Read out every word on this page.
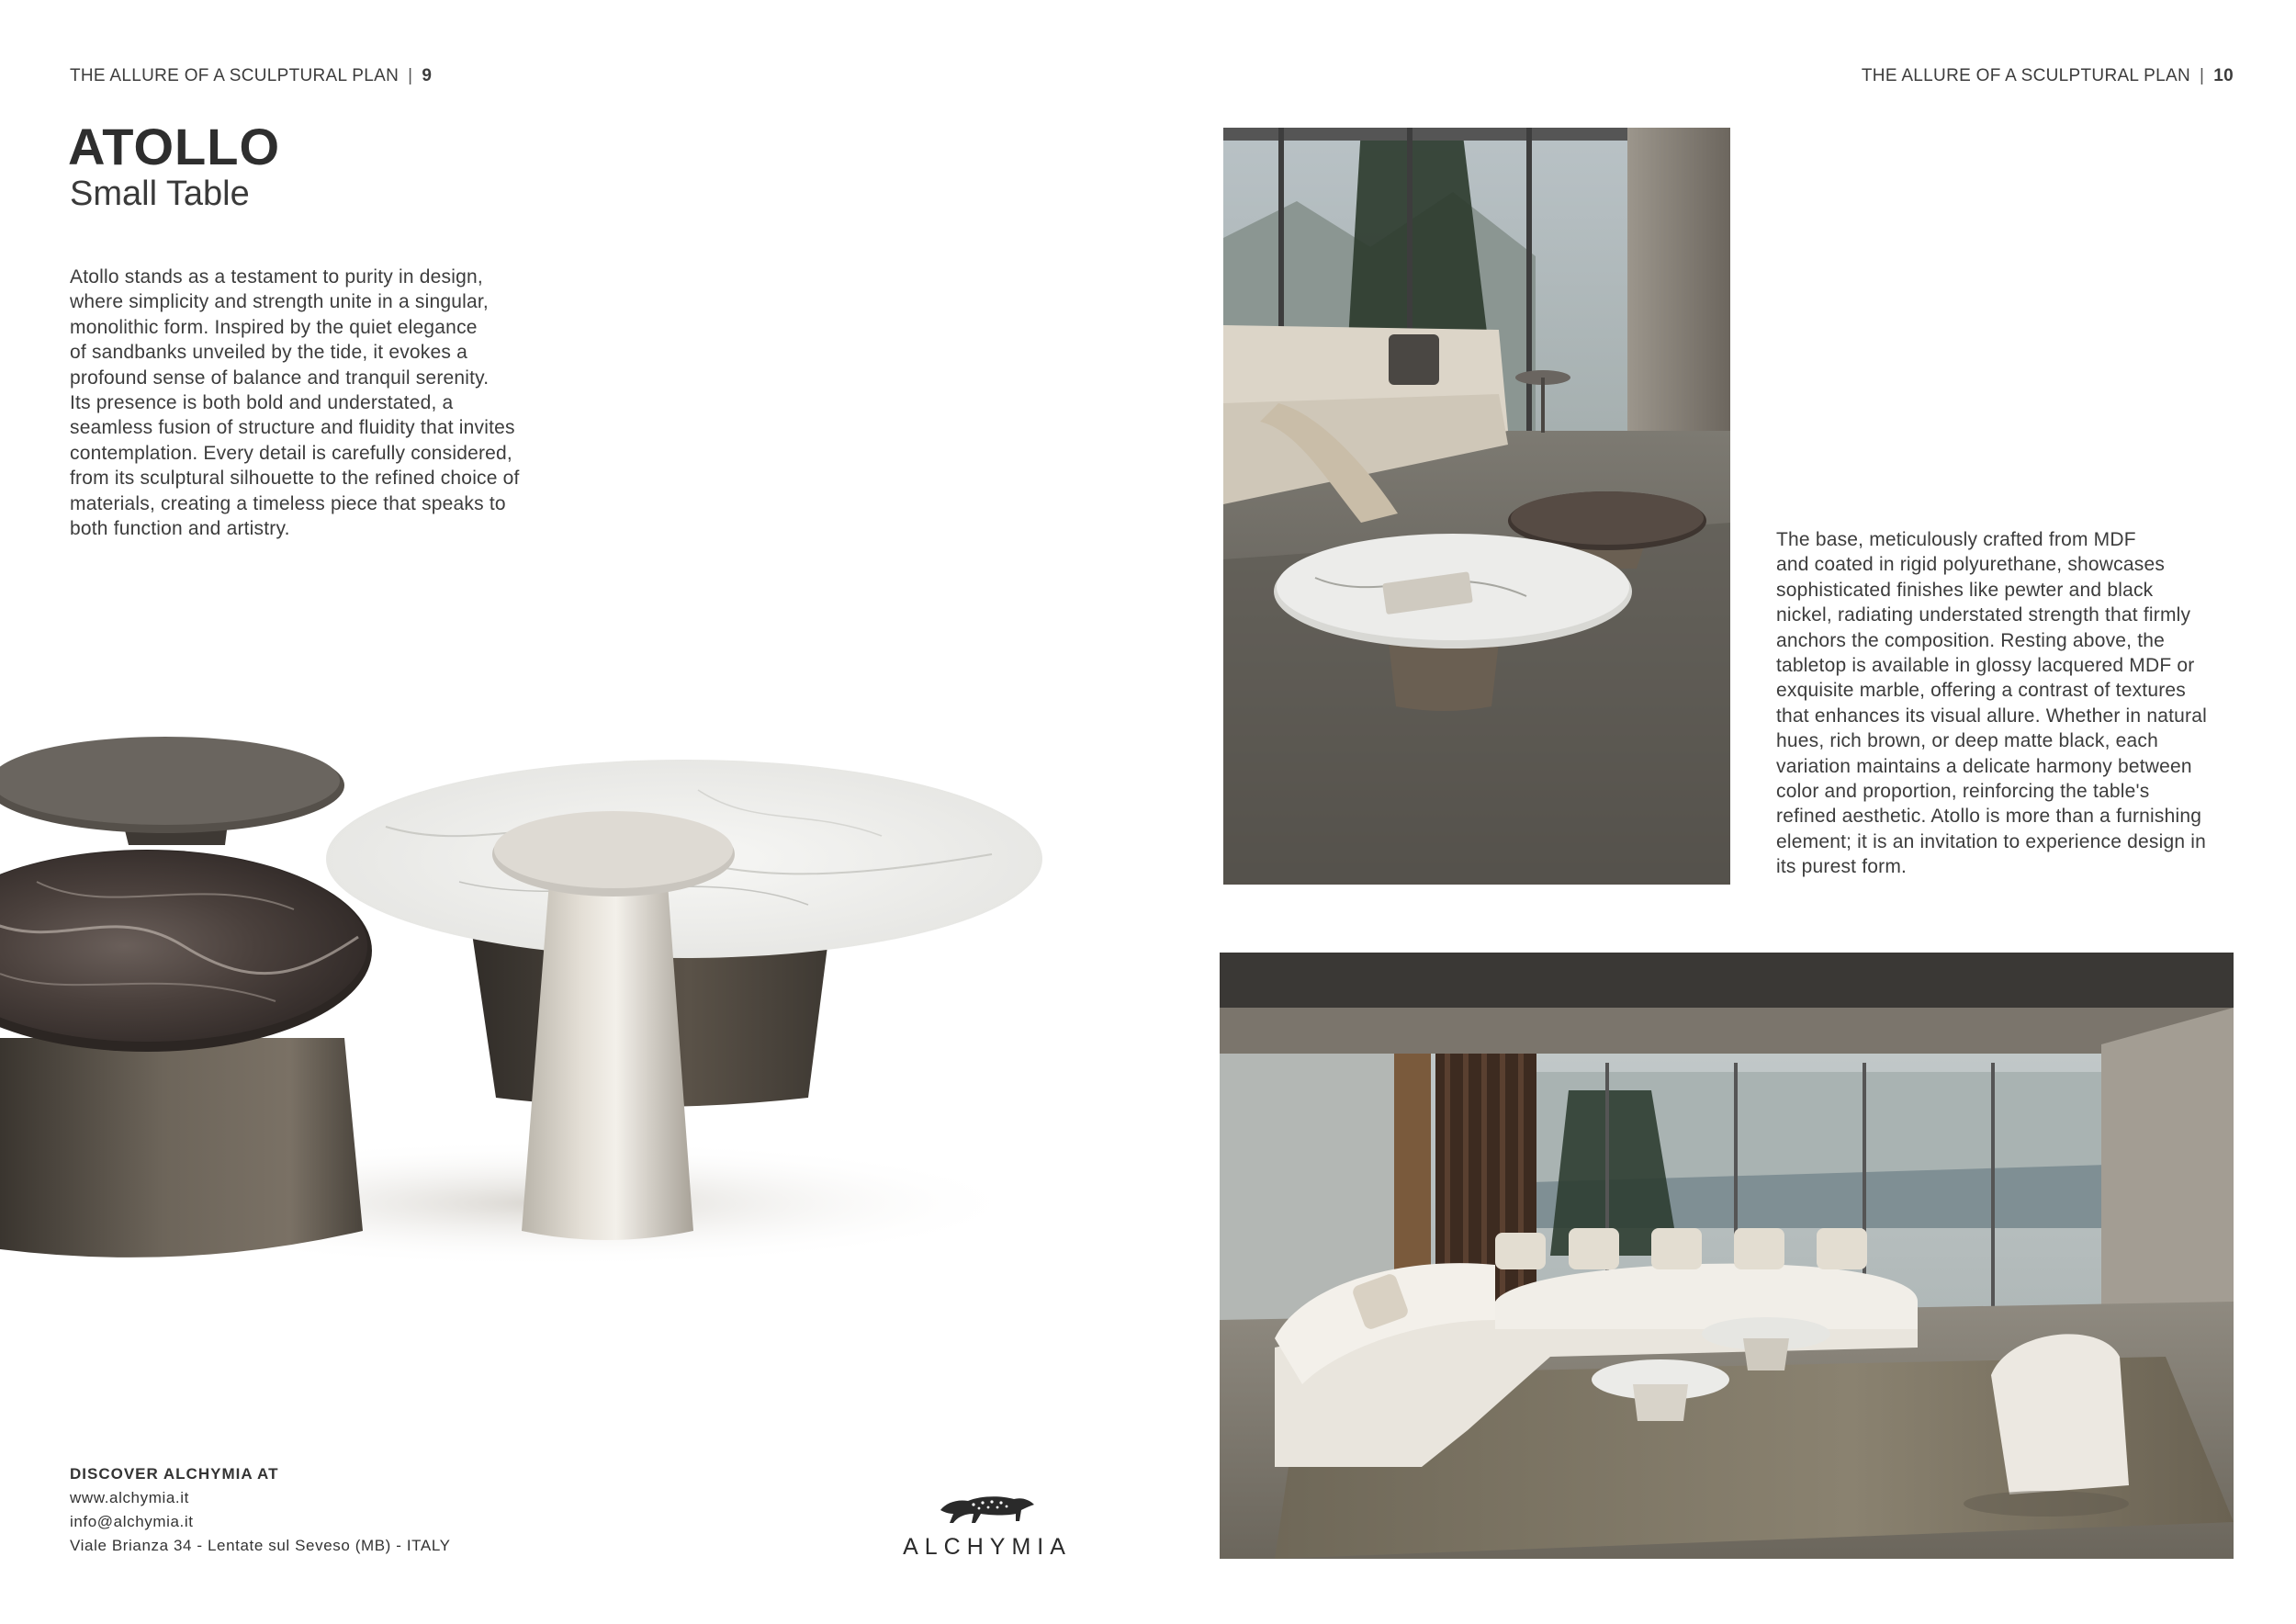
THE ALLURE OF A SCULPTURAL PLAN | 9	THE ALLURE OF A SCULPTURAL PLAN | 10
ATOLLO
Small Table
Atollo stands as a testament to purity in design,
where simplicity and strength unite in a singular,
monolithic form. Inspired by the quiet elegance
of sandbanks unveiled by the tide, it evokes a
profound sense of balance and tranquil serenity.
Its presence is both bold and understated, a
seamless fusion of structure and fluidity that invites
contemplation. Every detail is carefully considered,
from its sculptural silhouette to the refined choice of
materials, creating a timeless piece that speaks to
both function and artistry.
The base, meticulously crafted from MDF
and coated in rigid polyurethane, showcases
sophisticated finishes like pewter and black
nickel, radiating understated strength that firmly
anchors the composition. Resting above, the
tabletop is available in glossy lacquered MDF or
exquisite marble, offering a contrast of textures
that enhances its visual allure. Whether in natural
hues, rich brown, or deep matte black, each
variation maintains a delicate harmony between
color and proportion, reinforcing the table's
refined aesthetic. Atollo is more than a furnishing
element; it is an invitation to experience design in
its purest form.
DISCOVER ALCHYMIA AT
www.alchymia.it
info@alchymia.it
Viale Brianza 34 - Lentate sul Seveso (MB) - ITALY	ALCHYMIA
